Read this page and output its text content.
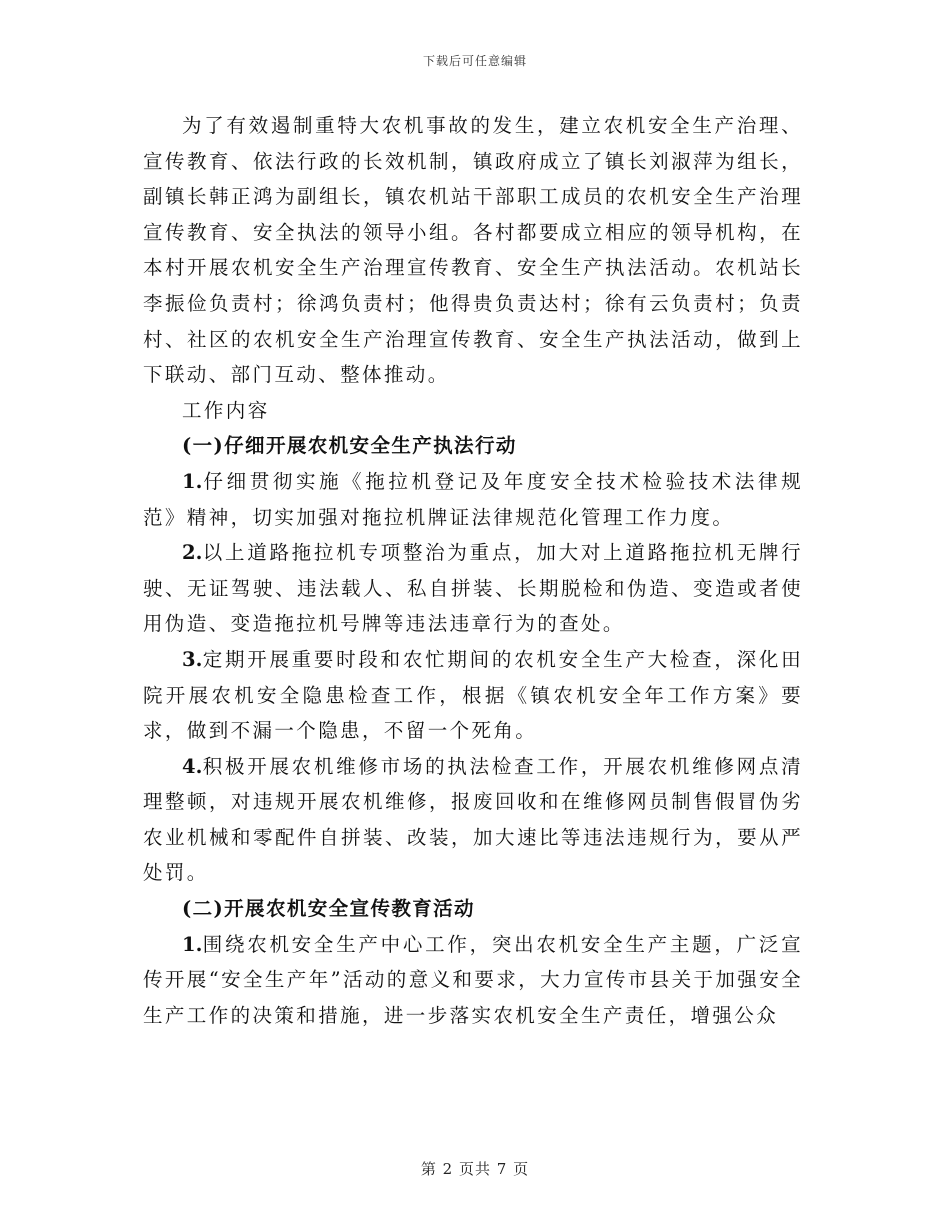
下载后可任意编辑

为了有效遏制重特大农机事故的发生，建立农机安全生产治理、宣传教育、依法行政的长效机制，镇政府成立了镇长刘淑萍为组长，副镇长韩正鸿为副组长，镇农机站干部职工成员的农机安全生产治理宣传教育、安全执法的领导小组。各村都要成立相应的领导机构，在本村开展农机安全生产治理宣传教育、安全生产执法活动。农机站长李振俭负责村；徐鸿负责村；他得贵负责达村；徐有云负责村；负责村、社区的农机安全生产治理宣传教育、安全生产执法活动，做到上下联动、部门互动、整体推动。

工作内容

(一)仔细开展农机安全生产执法行动

1.仔细贯彻实施《拖拉机登记及年度安全技术检验技术法律规范》精神，切实加强对拖拉机牌证法律规范化管理工作力度。

2.以上道路拖拉机专项整治为重点，加大对上道路拖拉机无牌行驶、无证驾驶、违法载人、私自拼装、长期脱检和伪造、变造或者使用伪造、变造拖拉机号牌等违法违章行为的查处。

3.定期开展重要时段和农忙期间的农机安全生产大检查，深化田院开展农机安全隐患检查工作，根据《镇农机安全年工作方案》要求，做到不漏一个隐患，不留一个死角。

4.积极开展农机维修市场的执法检查工作，开展农机维修网点清理整顿，对违规开展农机维修，报废回收和在维修网员制售假冒伪劣农业机械和零配件自拼装、改装，加大速比等违法违规行为，要从严处罚。

(二)开展农机安全宣传教育活动

1.围绕农机安全生产中心工作，突出农机安全生产主题，广泛宣传开展“安全生产年”活动的意义和要求，大力宣传市县关于加强安全生产工作的决策和措施，进一步落实农机安全生产责任，增强公众

第 2 页共 7 页
